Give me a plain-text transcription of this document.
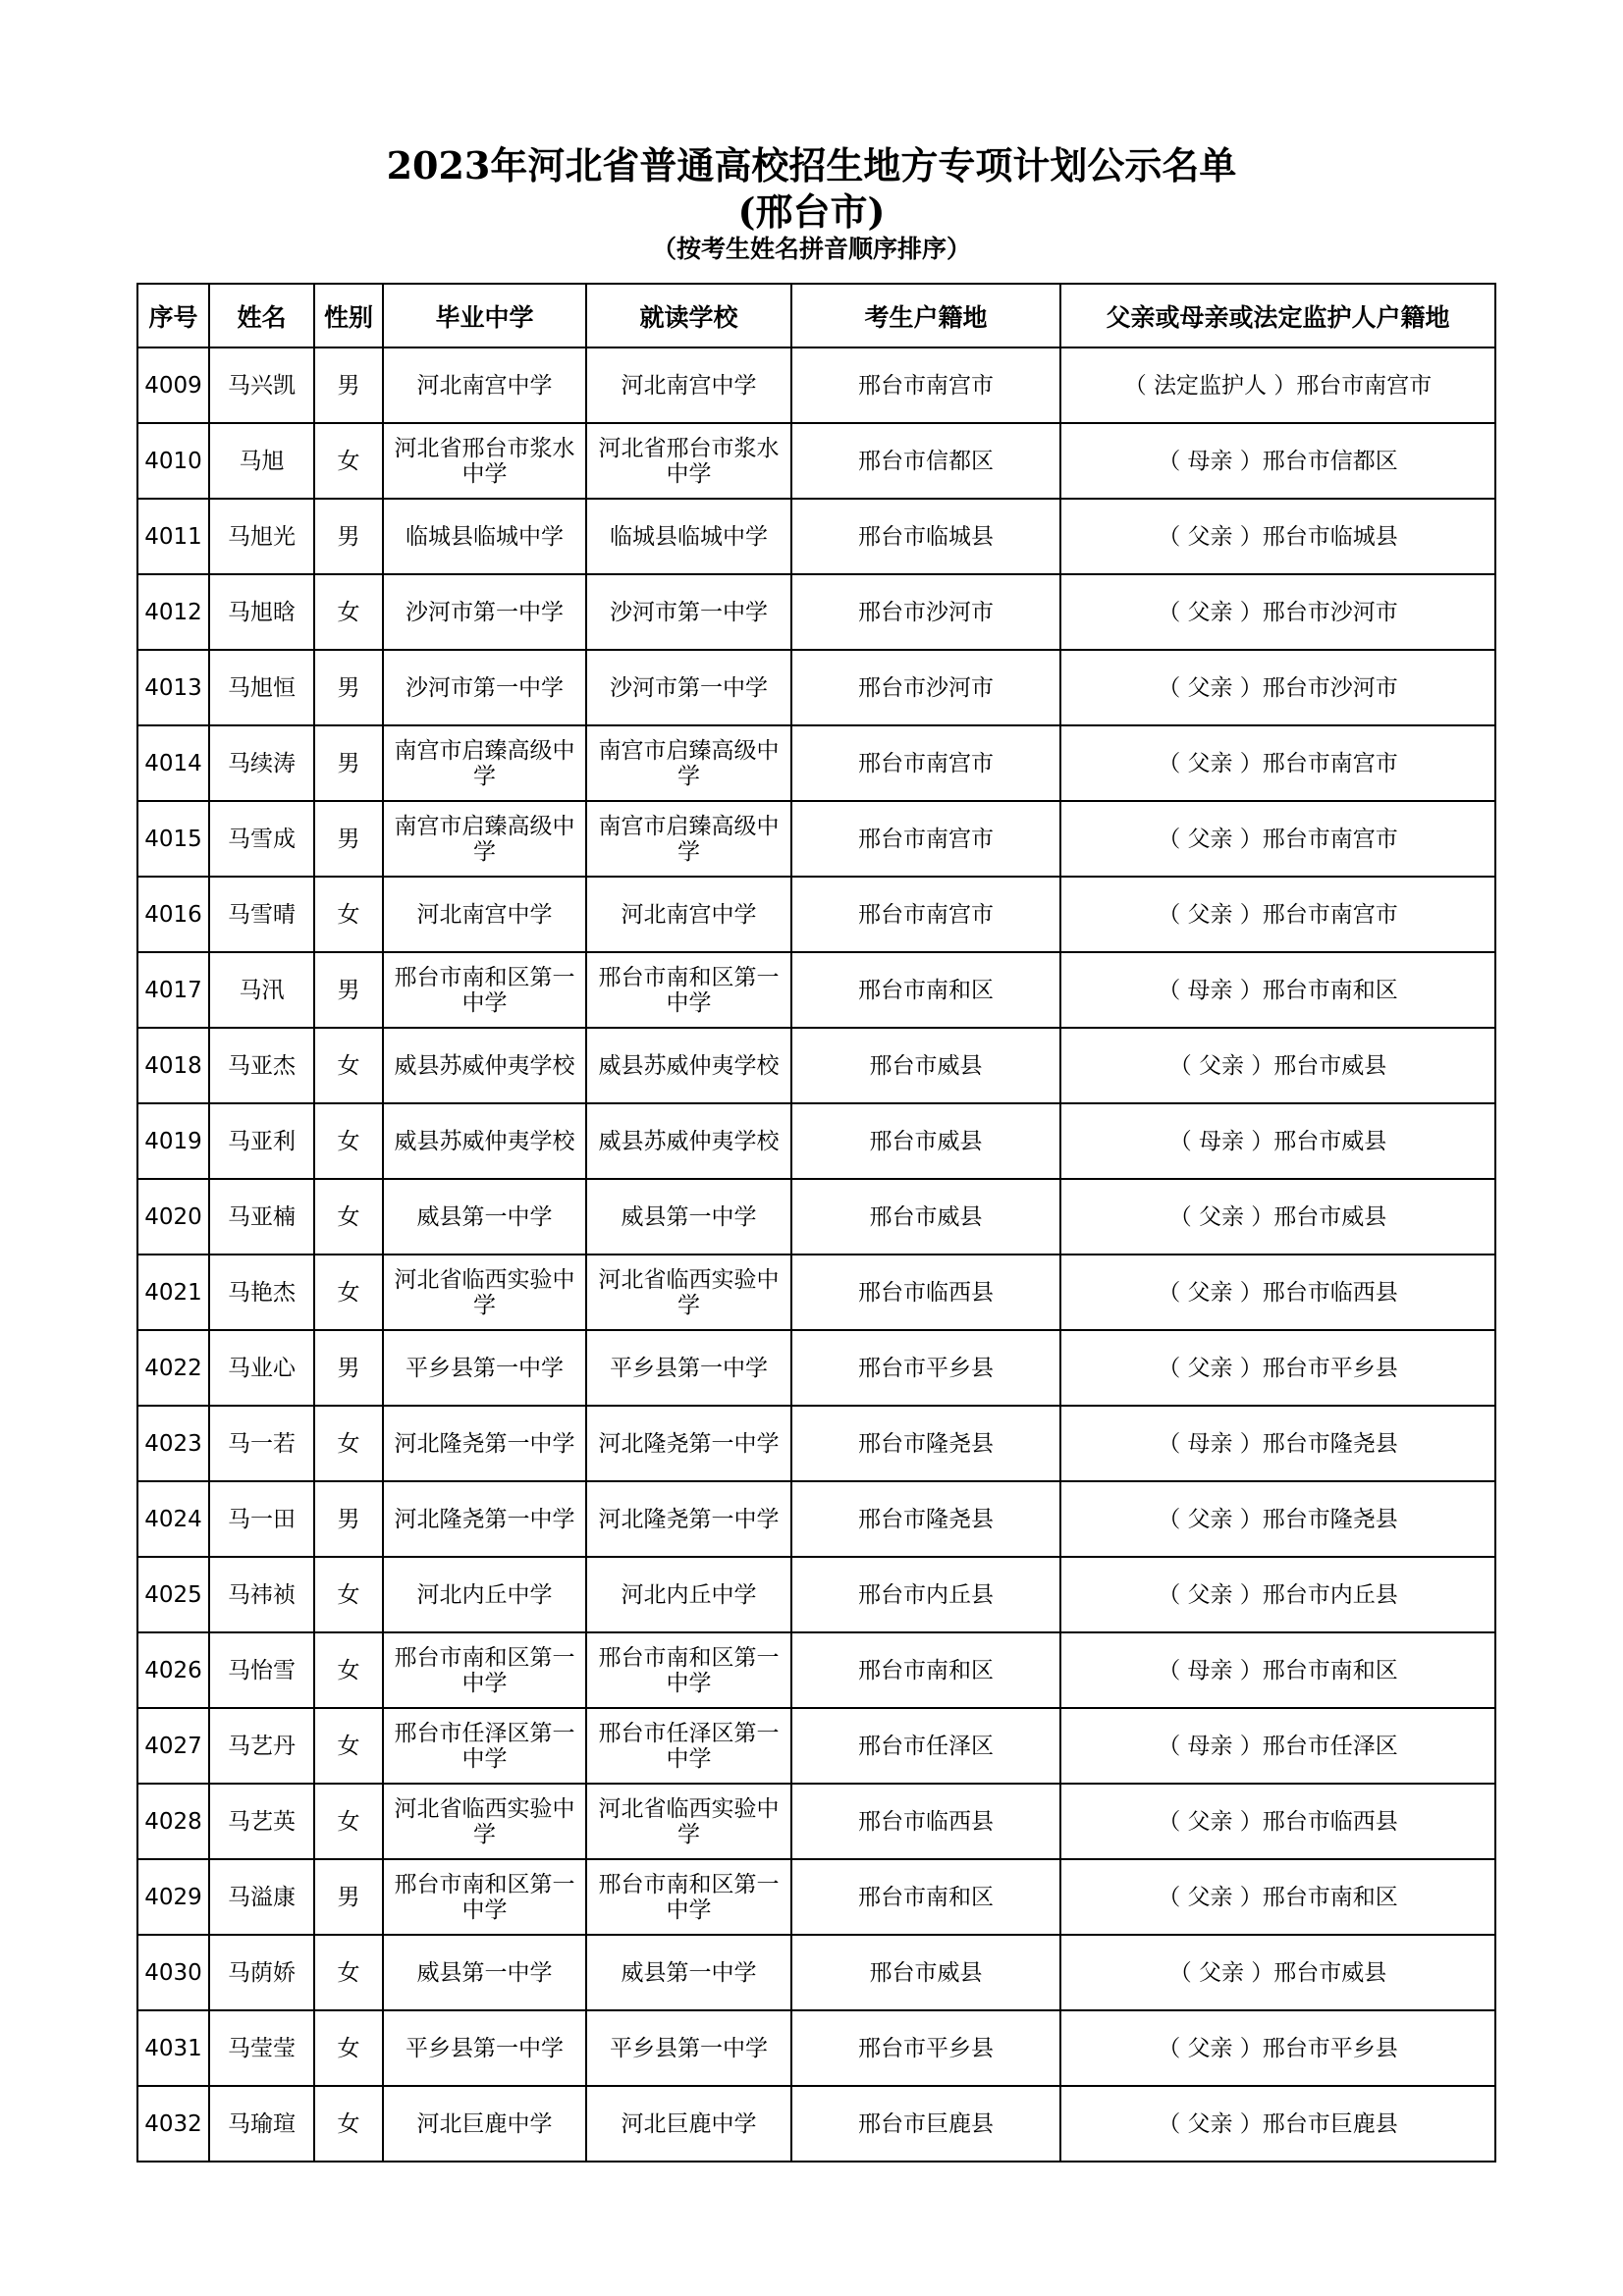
2023年河北省普通高校招生地方专项计划公示名单
(邢台市)
（按考生姓名拼音顺序排序）
序号	姓名	性别	毕业中学	就读学校	考生户籍地	父亲或母亲或法定监护人户籍地
4009	马兴凯	男	河北南宫中学	河北南宫中学	邢台市南宫市	（ 法定监护人 ）邢台市南宫市
4010	马旭	女	河北省邢台市浆水中学	河北省邢台市浆水中学	邢台市信都区	（ 母亲 ）邢台市信都区
4011	马旭光	男	临城县临城中学	临城县临城中学	邢台市临城县	（ 父亲 ）邢台市临城县
4012	马旭晗	女	沙河市第一中学	沙河市第一中学	邢台市沙河市	（ 父亲 ）邢台市沙河市
4013	马旭恒	男	沙河市第一中学	沙河市第一中学	邢台市沙河市	（ 父亲 ）邢台市沙河市
4014	马续涛	男	南宫市启臻高级中学	南宫市启臻高级中学	邢台市南宫市	（ 父亲 ）邢台市南宫市
4015	马雪成	男	南宫市启臻高级中学	南宫市启臻高级中学	邢台市南宫市	（ 父亲 ）邢台市南宫市
4016	马雪晴	女	河北南宫中学	河北南宫中学	邢台市南宫市	（ 父亲 ）邢台市南宫市
4017	马汛	男	邢台市南和区第一中学	邢台市南和区第一中学	邢台市南和区	（ 母亲 ）邢台市南和区
4018	马亚杰	女	威县苏威仲夷学校	威县苏威仲夷学校	邢台市威县	（ 父亲 ）邢台市威县
4019	马亚利	女	威县苏威仲夷学校	威县苏威仲夷学校	邢台市威县	（ 母亲 ）邢台市威县
4020	马亚楠	女	威县第一中学	威县第一中学	邢台市威县	（ 父亲 ）邢台市威县
4021	马艳杰	女	河北省临西实验中学	河北省临西实验中学	邢台市临西县	（ 父亲 ）邢台市临西县
4022	马业心	男	平乡县第一中学	平乡县第一中学	邢台市平乡县	（ 父亲 ）邢台市平乡县
4023	马一若	女	河北隆尧第一中学	河北隆尧第一中学	邢台市隆尧县	（ 母亲 ）邢台市隆尧县
4024	马一田	男	河北隆尧第一中学	河北隆尧第一中学	邢台市隆尧县	（ 父亲 ）邢台市隆尧县
4025	马祎祯	女	河北内丘中学	河北内丘中学	邢台市内丘县	（ 父亲 ）邢台市内丘县
4026	马怡雪	女	邢台市南和区第一中学	邢台市南和区第一中学	邢台市南和区	（ 母亲 ）邢台市南和区
4027	马艺丹	女	邢台市任泽区第一中学	邢台市任泽区第一中学	邢台市任泽区	（ 母亲 ）邢台市任泽区
4028	马艺英	女	河北省临西实验中学	河北省临西实验中学	邢台市临西县	（ 父亲 ）邢台市临西县
4029	马溢康	男	邢台市南和区第一中学	邢台市南和区第一中学	邢台市南和区	（ 父亲 ）邢台市南和区
4030	马荫娇	女	威县第一中学	威县第一中学	邢台市威县	（ 父亲 ）邢台市威县
4031	马莹莹	女	平乡县第一中学	平乡县第一中学	邢台市平乡县	（ 父亲 ）邢台市平乡县
4032	马瑜瑄	女	河北巨鹿中学	河北巨鹿中学	邢台市巨鹿县	（ 父亲 ）邢台市巨鹿县
